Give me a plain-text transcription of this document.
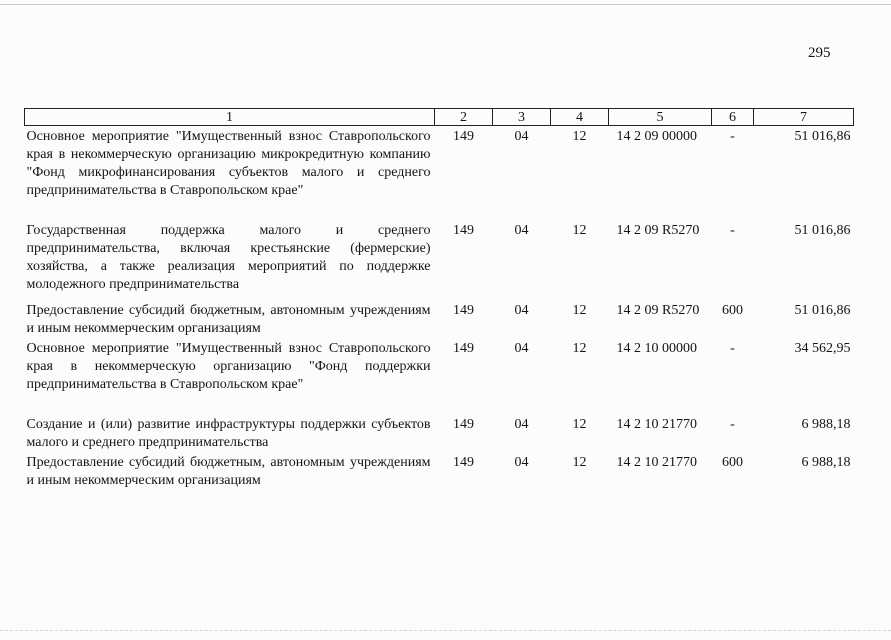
295
1	2	3	4	5	6	7
Основное мероприятие "Имущественный взнос Ставропольского края в некоммерческую организацию микрокредитную компанию "Фонд микрофинансирования субъектов малого и среднего предпринимательства в Ставропольском крае"	149	04	12	14 2 09 00000	-	51 016,86
Государственная поддержка малого и среднего предпринимательства, включая крестьянские (фермерские) хозяйства, а также реализация мероприятий по поддержке молодежного предпринимательства	149	04	12	14 2 09 R5270	-	51 016,86
Предоставление субсидий бюджетным, автономным учреждениям и иным некоммерческим организациям	149	04	12	14 2 09 R5270	600	51 016,86
Основное мероприятие "Имущественный взнос Ставропольского края в некоммерческую организацию "Фонд поддержки предпринимательства в Ставропольском крае"	149	04	12	14 2 10 00000	-	34 562,95
Создание и (или) развитие инфраструктуры поддержки субъектов малого и среднего предпринимательства	149	04	12	14 2 10 21770	-	6 988,18
Предоставление субсидий бюджетным, автономным учреждениям и иным некоммерческим организациям	149	04	12	14 2 10 21770	600	6 988,18
